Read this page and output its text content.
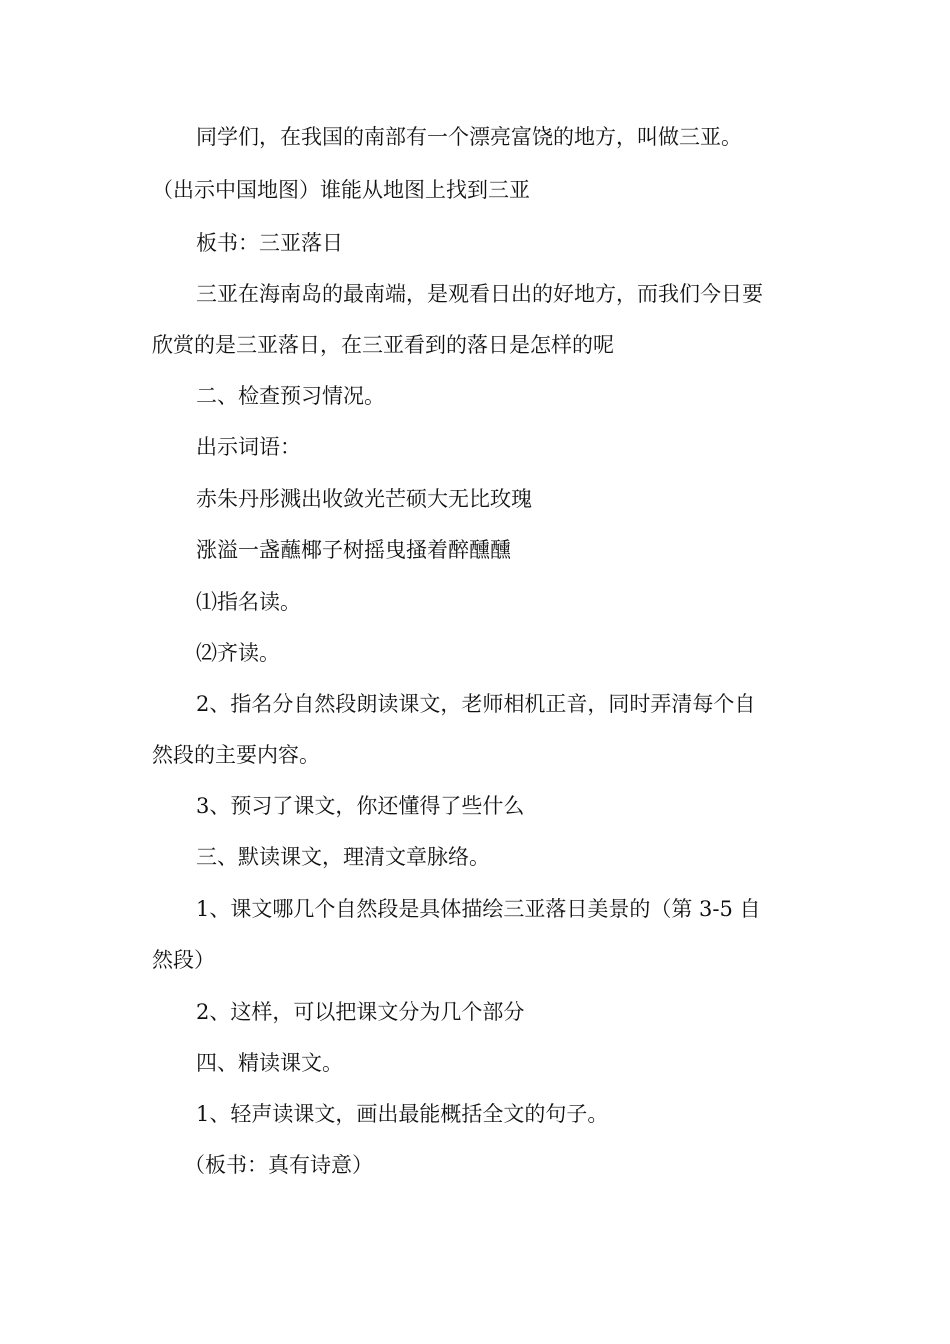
同学们，在我国的南部有一个漂亮富饶的地方，叫做三亚。
（出示中国地图）谁能从地图上找到三亚
板书：三亚落日
三亚在海南岛的最南端，是观看日出的好地方，而我们今日要
欣赏的是三亚落日，在三亚看到的落日是怎样的呢
二、检查预习情况。
出示词语：
赤朱丹彤溅出收敛光芒硕大无比玫瑰
涨溢一盏蘸椰子树摇曳搔着醉醺醺
⑴指名读。
⑵齐读。
2、指名分自然段朗读课文，老师相机正音，同时弄清每个自
然段的主要内容。
3、预习了课文，你还懂得了些什么
三、默读课文，理清文章脉络。
1、课文哪几个自然段是具体描绘三亚落日美景的（第 3-5 自
然段）
2、这样，可以把课文分为几个部分
四、精读课文。
1、轻声读课文，画出最能概括全文的句子。
（板书：真有诗意）
